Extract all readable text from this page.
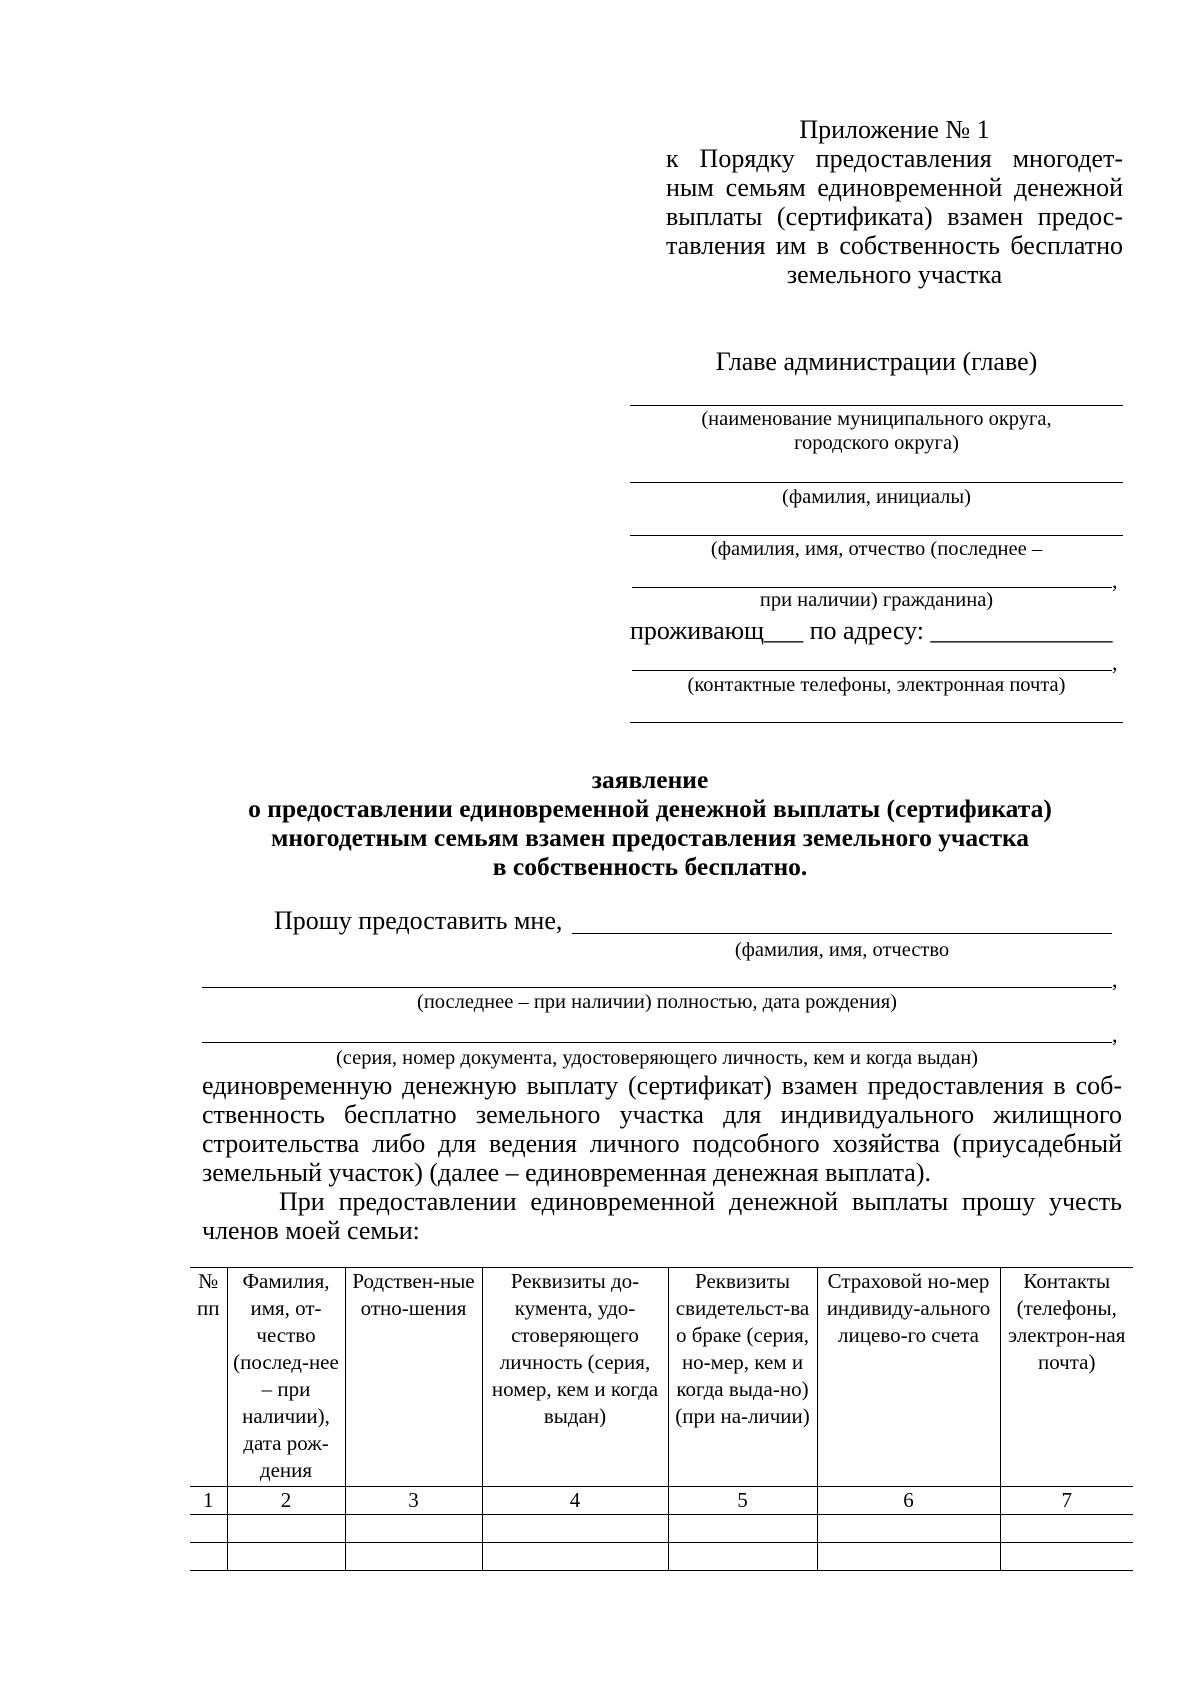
Приложение № 1
к Порядку предоставления многодет-
ным семьям единовременной денежной
выплаты (сертификата) взамен предос-
тавления им в собственность бесплатно
земельного участка
Главе администрации (главе)
(наименование муниципального округа,
городского округа)
(фамилия, инициалы)
(фамилия, имя, отчество (последнее –
,
при наличии) гражданина)
проживающ___ по адресу: ______________
,
(контактные телефоны, электронная почта)
заявление
о предоставлении единовременной денежной выплаты (сертификата)
многодетным семьям взамен предоставления земельного участка
в собственность бесплатно.
Прошу предоставить мне,
(фамилия, имя, отчество
,
(последнее – при наличии) полностью, дата рождения)
,
(серия, номер документа, удостоверяющего личность, кем и когда выдан)
единовременную денежную выплату (сертификат) взамен предоставления в соб-
ственность бесплатно земельного участка для индивидуального жилищного
строительства либо для ведения личного подсобного хозяйства (приусадебный
земельный участок) (далее – единовременная денежная выплата).
При предоставлении единовременной денежной выплаты прошу учесть
членов моей семьи:
№ пп	Фамилия, имя, от-чество (послед-нее – при наличии), дата рож-дения	Родствен-ные отно-шения	Реквизиты до-кумента, удо-стоверяющего личность (серия, номер, кем и когда выдан)	Реквизиты свидетельст-ва о браке (серия, но-мер, кем и когда выда-но) (при на-личии)	Страховой но-мер индивиду-ального лицево-го счета	Контакты (телефоны, электрон-ная почта)
1	2	3	4	5	6	7
